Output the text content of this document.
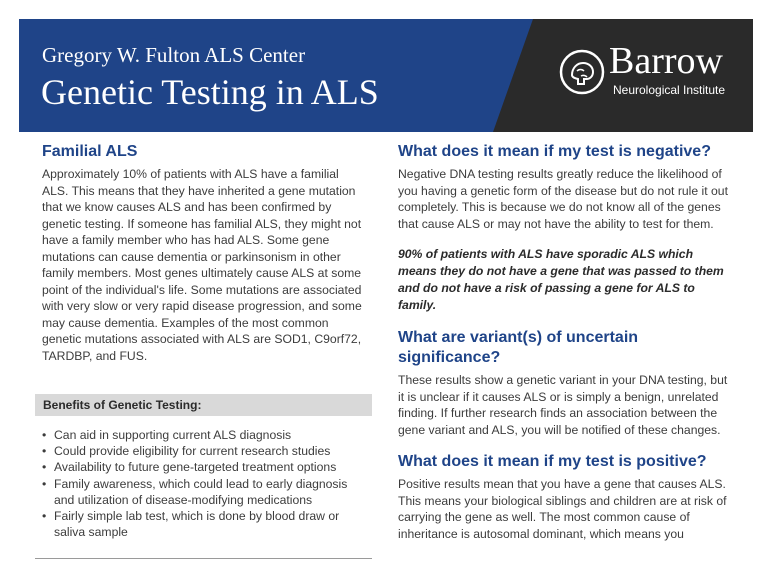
Gregory W. Fulton ALS Center
Genetic Testing in ALS
Barrow
Neurological Institute
Familial ALS

Approximately 10% of patients with ALS have a familial ALS. This means that they have inherited a gene mutation that we know causes ALS and has been confirmed by genetic testing. If someone has familial ALS, they might not have a family member who has had ALS. Some gene mutations can cause dementia or parkinsonism in other family members. Most genes ultimately cause ALS at some point of the individual's life. Some mutations are associated with very slow or very rapid disease progression, and some may cause dementia. Examples of the most common genetic mutations associated with ALS are SOD1, C9orf72, TARDBP, and FUS.

Benefits of Genetic Testing:
• Can aid in supporting current ALS diagnosis
• Could provide eligibility for current research studies
• Availability to future gene-targeted treatment options
• Family awareness, which could lead to early diagnosis and utilization of disease-modifying medications
• Fairly simple lab test, which is done by blood draw or saliva sample
What does it mean if my test is negative?

Negative DNA testing results greatly reduce the likelihood of you having a genetic form of the disease but do not rule it out completely. This is because we do not know all of the genes that cause ALS or may not have the ability to test for them.

90% of patients with ALS have sporadic ALS which means they do not have a gene that was passed to them and do not have a risk of passing a gene for ALS to family.

What are variant(s) of uncertain significance?

These results show a genetic variant in your DNA testing, but it is unclear if it causes ALS or is simply a benign, unrelated finding. If further research finds an association between the gene variant and ALS, you will be notified of these changes.

What does it mean if my test is positive?

Positive results mean that you have a gene that causes ALS. This means your biological siblings and children are at risk of carrying the gene as well. The most common cause of inheritance is autosomal dominant, which means you
